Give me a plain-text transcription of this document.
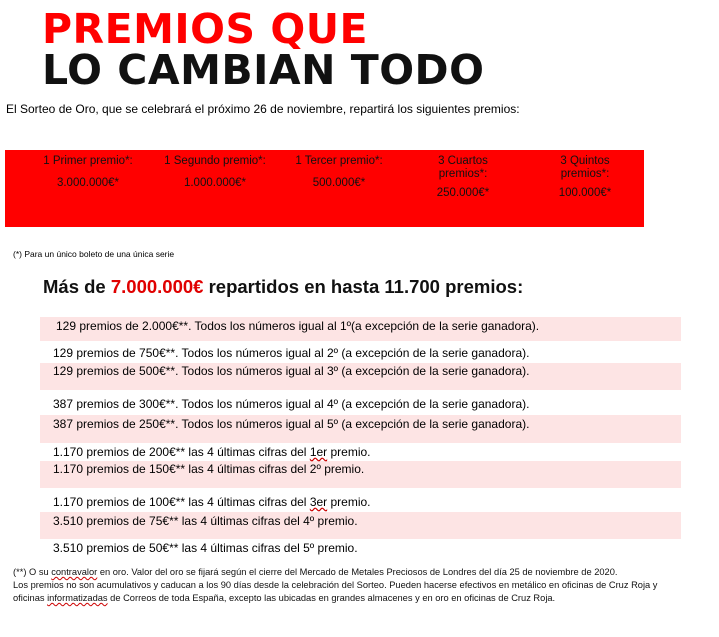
PREMIOS QUE
LO CAMBIAN TODO
El Sorteo de Oro, que se celebrará el próximo 26 de noviembre, repartirá los siguientes premios:
1 Primer premio*:
3.000.000€*
1 Segundo premio*:
1.000.000€*
1 Tercer premio*:
500.000€*
3 Cuartos premios*:
250.000€*
3 Quintos premios*:
100.000€*
(*) Para un único boleto de una única serie
Más de 7.000.000€ repartidos en hasta 11.700 premios:
129 premios de 2.000€**. Todos los números igual al 1º(a excepción de la serie ganadora).
129 premios de 750€**. Todos los números igual al 2º (a excepción de la serie ganadora).
129 premios de 500€**. Todos los números igual al 3º (a excepción de la serie ganadora).
387 premios de 300€**. Todos los números igual al 4º (a excepción de la serie ganadora).
387 premios de 250€**. Todos los números igual al 5º (a excepción de la serie ganadora).
1.170 premios de 200€** las 4 últimas cifras del 1er premio.
1.170 premios de 150€** las 4 últimas cifras del 2º premio.
1.170 premios de 100€** las 4 últimas cifras del 3er premio.
3.510 premios de 75€** las 4 últimas cifras del 4º premio.
3.510 premios de 50€** las 4 últimas cifras del 5º premio.
(**) O su contravalor en oro. Valor del oro se fijará según el cierre del Mercado de Metales Preciosos de Londres del día 25 de noviembre de 2020.
Los premios no son acumulativos y caducan a los 90 días desde la celebración del Sorteo. Pueden hacerse efectivos en metálico en oficinas de Cruz Roja y
oficinas informatizadas de Correos de toda España, excepto las ubicadas en grandes almacenes y en oro en oficinas de Cruz Roja.
